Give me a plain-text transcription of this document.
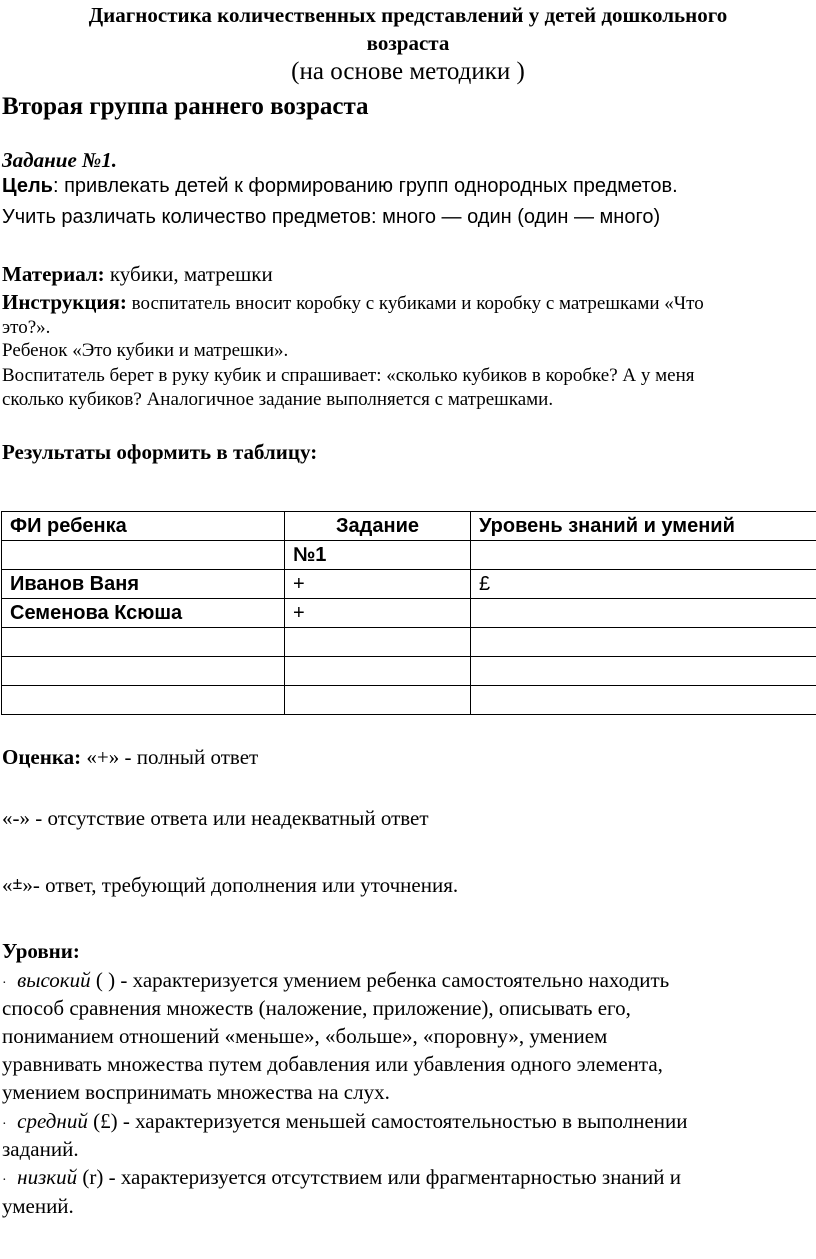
Диагностика количественных представлений у детей дошкольного
возраста
(на основе методики )
Вторая группа раннего возраста
Задание №1.
Цель: привлекать детей к формированию групп однородных предметов.
Учить различать количество предметов: много — один (один — много)
Материал: кубики, матрешки
Инструкция: воспитатель вносит коробку с кубиками и коробку с матрешками «Что
это?».
Ребенок «Это кубики и матрешки».
Воспитатель берет в руку кубик и спрашивает: «сколько кубиков в коробке? А у меня
сколько кубиков? Аналогичное задание выполняется с матрешками.
Результаты оформить в таблицу:
ФИ ребенка	Задание	Уровень знаний и умений
	№1	
Иванов Ваня	+	£
Семенова Ксюша	+	

Оценка: «+» - полный ответ
«-» - отсутствие ответа или неадекватный ответ
«±»- ответ, требующий дополнения или уточнения.
Уровни:
· высокий ( ) - характеризуется умением ребенка самостоятельно находить
способ сравнения множеств (наложение, приложение), описывать его,
пониманием отношений «меньше», «больше», «поровну», умением
уравнивать множества путем добавления или убавления одного элемента,
умением воспринимать множества на слух.
· средний (£) - характеризуется меньшей самостоятельностью в выполнении
заданий.
· низкий (r) - характеризуется отсутствием или фрагментарностью знаний и
умений.
